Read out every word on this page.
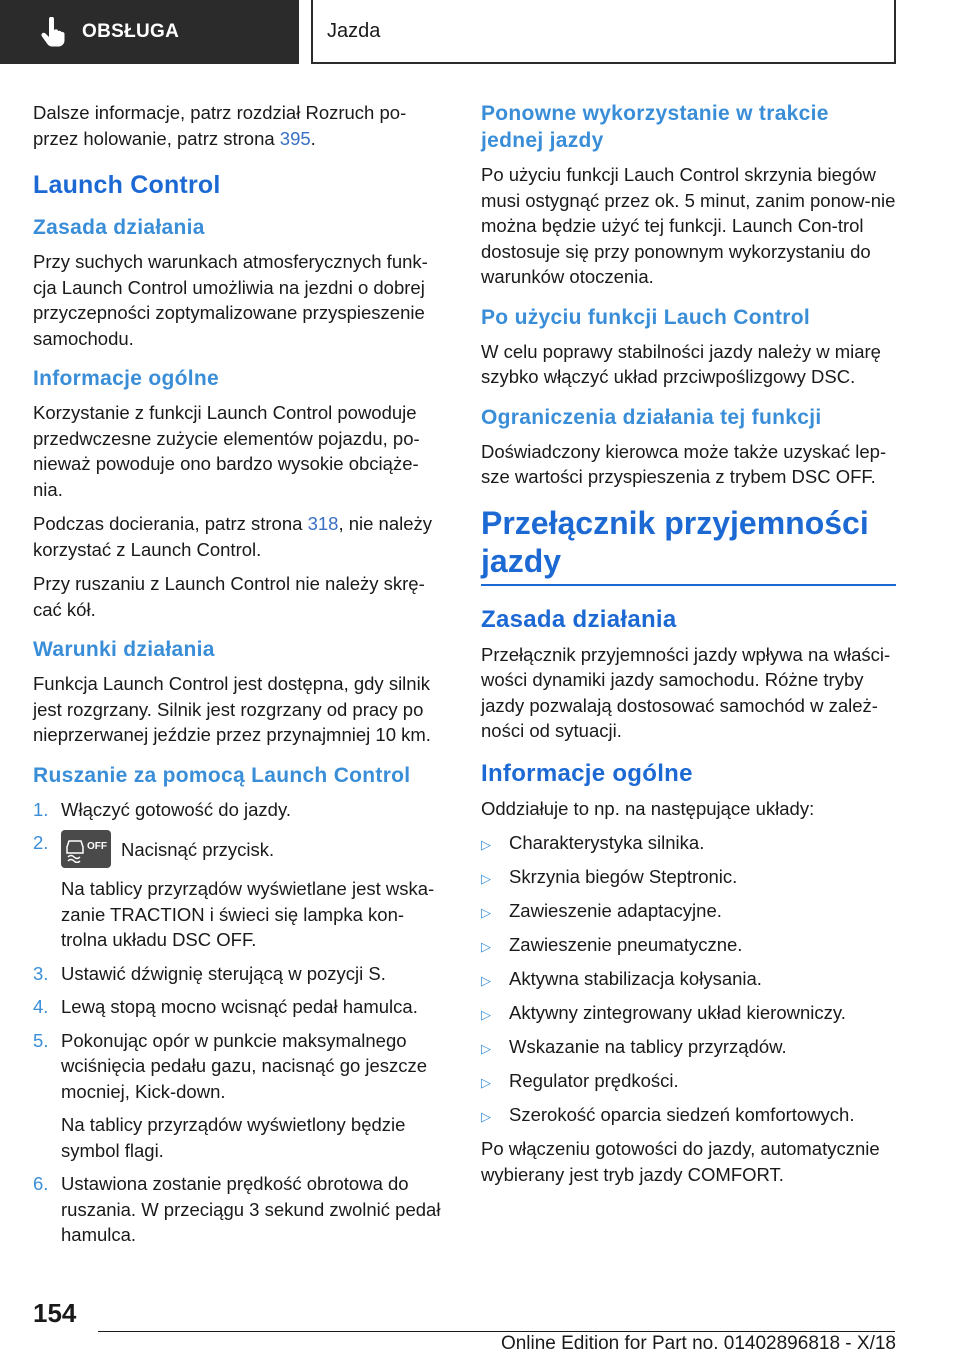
OBSŁUGA	Jazda

Dalsze informacje, patrz rozdział Rozruch po‐przez holowanie, patrz strona 395.

Launch Control
Zasada działania

Przy suchych warunkach atmosferycznych funk‐cja Launch Control umożliwia na jezdni o dobrej przyczepności zoptymalizowane przyspieszenie samochodu.

Informacje ogólne

Korzystanie z funkcji Launch Control powoduje przedwczesne zużycie elementów pojazdu, po‐nieważ powoduje ono bardzo wysokie obciąże‐nia.

Podczas docierania, patrz strona 318, nie należy korzystać z Launch Control.

Przy ruszaniu z Launch Control nie należy skrę‐cać kół.

Warunki działania

Funkcja Launch Control jest dostępna, gdy silnik jest rozgrzany. Silnik jest rozgrzany od pracy po nieprzerwanej jeździe przez przynajmniej 10 km.

Ruszanie za pomocą Launch Control
1. Włączyć gotowość do jazdy.

2.	OFF Nacisnąć przycisk.

Na tablicy przyrządów wyświetlane jest wska‐zanie TRACTION i świeci się lampka kon‐trolna układu DSC OFF.

3. Ustawić dźwignię sterującą w pozycji S.

4. Lewą stopą mocno wcisnąć pedał hamulca.

5. Pokonując opór w punkcie maksymalnego wciśnięcia pedału gazu, nacisnąć go jeszcze mocniej, Kick-down.

Na tablicy przyrządów wyświetlony będzie symbol flagi.

6. Ustawiona zostanie prędkość obrotowa do ruszania. W przeciągu 3 sekund zwolnić pedał hamulca.

Ponowne wykorzystanie w trakcie jednej jazdy

Po użyciu funkcji Lauch Control skrzynia biegów musi ostygnąć przez ok. 5 minut, zanim ponow‐nie można będzie użyć tej funkcji. Launch Con‐trol dostosuje się przy ponownym wykorzystaniu do warunków otoczenia.

Po użyciu funkcji Lauch Control

W celu poprawy stabilności jazdy należy w miarę szybko włączyć układ przciwpoślizgowy DSC.

Ograniczenia działania tej funkcji

Doświadczony kierowca może także uzyskać lep‐sze wartości przyspieszenia z trybem DSC OFF.

Przełącznik przyjemności jazdy
Zasada działania

Przełącznik przyjemności jazdy wpływa na właści‐wości dynamiki jazdy samochodu. Różne tryby jazdy pozwalają dostosować samochód w zależ‐ności od sytuacji.

Informacje ogólne

Oddziałuje to np. na następujące układy:

▷ Charakterystyka silnika.
▷ Skrzynia biegów Steptronic.
▷ Zawieszenie adaptacyjne.
▷ Zawieszenie pneumatyczne.
▷ Aktywna stabilizacja kołysania.
▷ Aktywny zintegrowany układ kierowniczy.
▷ Wskazanie na tablicy przyrządów.
▷ Regulator prędkości.
▷ Szerokość oparcia siedzeń komfortowych.

Po włączeniu gotowości do jazdy, automatycznie wybierany jest tryb jazdy COMFORT.

154
Online Edition for Part no. 01402896818 - X/18
